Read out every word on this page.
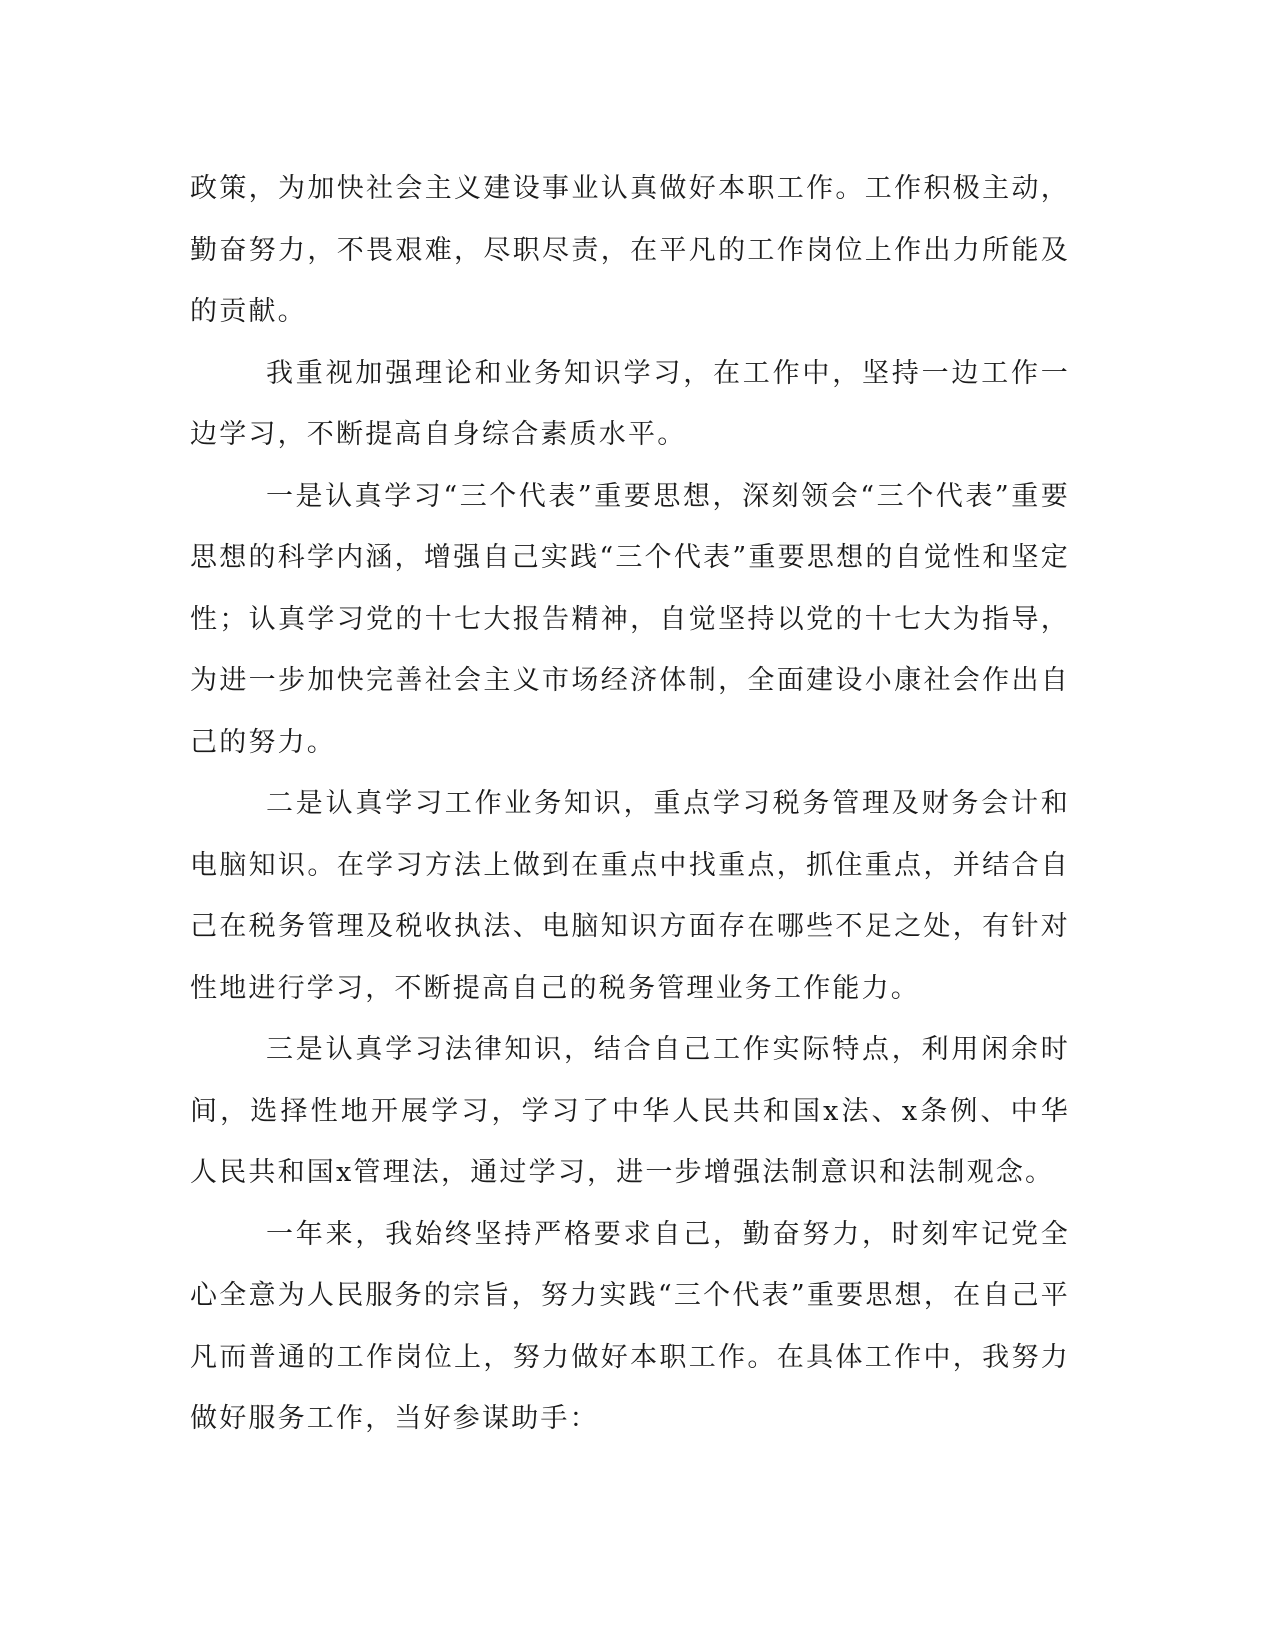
政策，为加快社会主义建设事业认真做好本职工作。工作积极主动，勤奋努力，不畏艰难，尽职尽责，在平凡的工作岗位上作出力所能及的贡献。

我重视加强理论和业务知识学习，在工作中，坚持一边工作一边学习，不断提高自身综合素质水平。

一是认真学习“三个代表”重要思想，深刻领会“三个代表”重要思想的科学内涵，增强自己实践“三个代表”重要思想的自觉性和坚定性；认真学习党的十七大报告精神，自觉坚持以党的十七大为指导，为进一步加快完善社会主义市场经济体制，全面建设小康社会作出自己的努力。

二是认真学习工作业务知识，重点学习税务管理及财务会计和电脑知识。在学习方法上做到在重点中找重点，抓住重点，并结合自己在税务管理及税收执法、电脑知识方面存在哪些不足之处，有针对性地进行学习，不断提高自己的税务管理业务工作能力。

三是认真学习法律知识，结合自己工作实际特点，利用闲余时间，选择性地开展学习，学习了中华人民共和国x法、x条例、中华人民共和国x管理法，通过学习，进一步增强法制意识和法制观念。

一年来，我始终坚持严格要求自己，勤奋努力，时刻牢记党全心全意为人民服务的宗旨，努力实践“三个代表”重要思想，在自己平凡而普通的工作岗位上，努力做好本职工作。在具体工作中，我努力做好服务工作，当好参谋助手：
